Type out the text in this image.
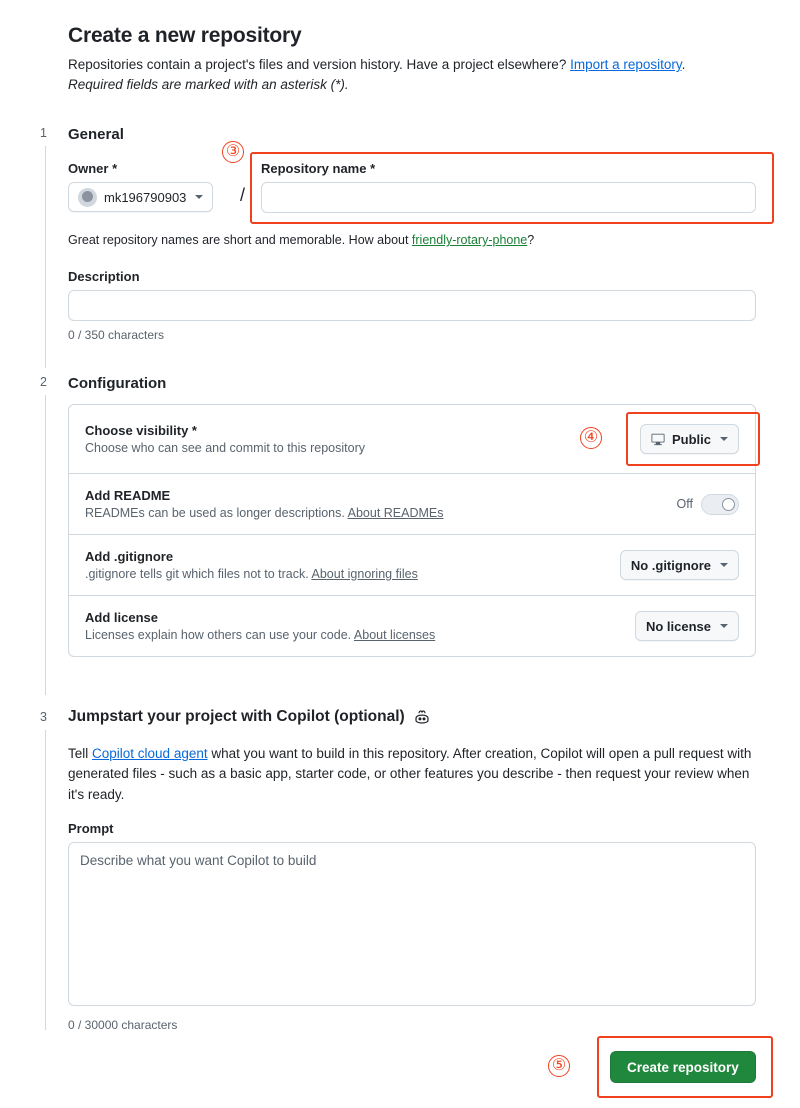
Create a new repository
Repositories contain a project's files and version history. Have a project elsewhere? Import a repository.
Required fields are marked with an asterisk (*).
1 General
Owner *
mk196790903	/
Repository name *
Great repository names are short and memorable. How about friendly-rotary-phone?
Description
0 / 350 characters
2 Configuration
Choose visibility *
Choose who can see and commit to this repository
Public
Add README
READMEs can be used as longer descriptions. About READMEs
Off
Add .gitignore
.gitignore tells git which files not to track. About ignoring files
No .gitignore
Add license
Licenses explain how others can use your code. About licenses
No license
3 Jumpstart your project with Copilot (optional)
Tell Copilot cloud agent what you want to build in this repository. After creation, Copilot will open a pull request with generated files - such as a basic app, starter code, or other features you describe - then request your review when it's ready.
Prompt
Describe what you want Copilot to build
0 / 30000 characters
Create repository
③
④
⑤
